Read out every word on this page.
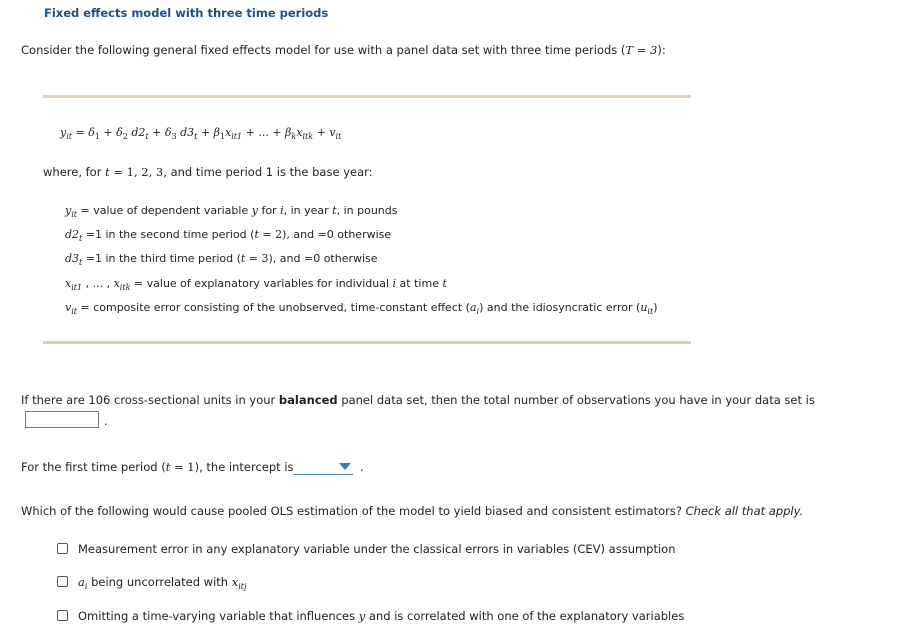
Fixed effects model with three time periods
Consider the following general fixed effects model for use with a panel data set with three time periods (T = 3):
$y_{it} = \delta_1 + \delta_2$ $d2_t + \delta_3$ $d3_t + \beta_1x_{it1}$ + ... + $\beta_kx_{itk} + v_{it}$
where, for t = 1, 2, 3, and time period 1 is the base year:
$y_{it}$ = value of dependent variable y for i, in year t, in pounds
$d2_t =1$ in the second time period (t = 2), and =0 otherwise
$d3_t =1$ in the third time period (t = 3), and =0 otherwise
$x_{it1}$ , ... , $x_{itk}$ = value of explanatory variables for individual i at time t
$v_{it}$ = composite error consisting of the unobserved, time-constant effect $(a_i)$ and the idiosyncratic error $(u_{it})$
If there are 106 cross-sectional units in your balanced panel data set, then the total number of observations you have in your data set is
.
For the first time period (t = 1), the intercept is	.
Which of the following would cause pooled OLS estimation of the model to yield biased and consistent estimators? Check all that apply.
Measurement error in any explanatory variable under the classical errors in variables (CEV) assumption
$a_i$ being uncorrelated with $x_{itj}$
Omitting a time-varying variable that influences y and is correlated with one of the explanatory variables
